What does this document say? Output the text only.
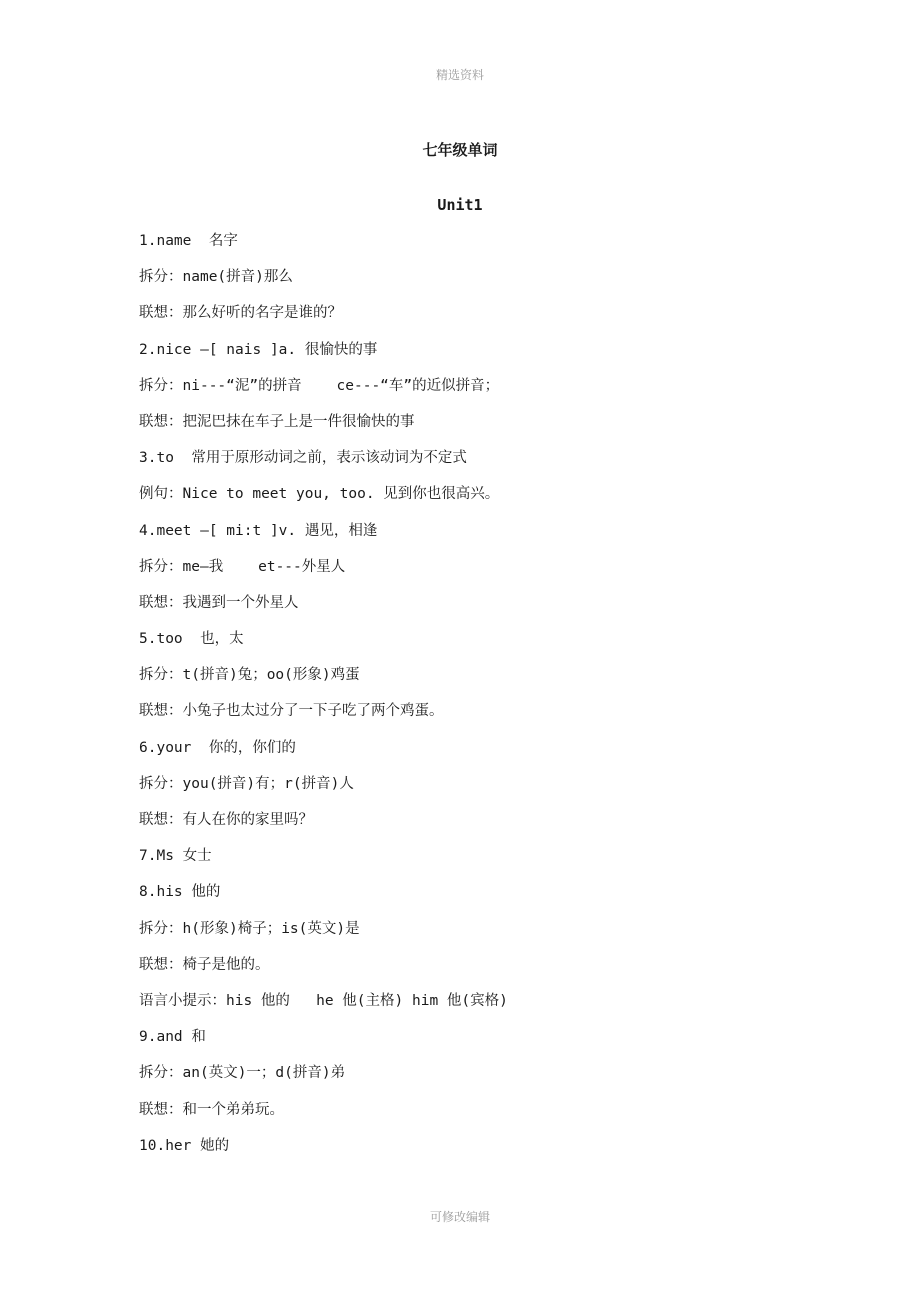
精选资料
七年级单词
Unit1
1.name  名字
拆分：name(拼音)那么
联想：那么好听的名字是谁的？
2.nice —[ nais ]a. 很愉快的事
拆分：ni---“泥”的拼音    ce---“车”的近似拼音；
联想：把泥巴抹在车子上是一件很愉快的事
3.to  常用于原形动词之前，表示该动词为不定式
例句：Nice to meet you, too. 见到你也很高兴。
4.meet —[ mi:t ]v. 遇见，相逢
拆分：me—我    et---外星人
联想：我遇到一个外星人
5.too  也，太
拆分：t(拼音)兔；oo(形象)鸡蛋
联想：小兔子也太过分了一下子吃了两个鸡蛋。
6.your  你的，你们的
拆分：you(拼音)有；r(拼音)人
联想：有人在你的家里吗？
7.Ms 女士
8.his 他的
拆分：h(形象)椅子；is(英文)是
联想：椅子是他的。
语言小提示：his 他的   he 他(主格) him 他(宾格)
9.and 和
拆分：an(英文)一；d(拼音)弟
联想：和一个弟弟玩。
10.her 她的
可修改编辑
